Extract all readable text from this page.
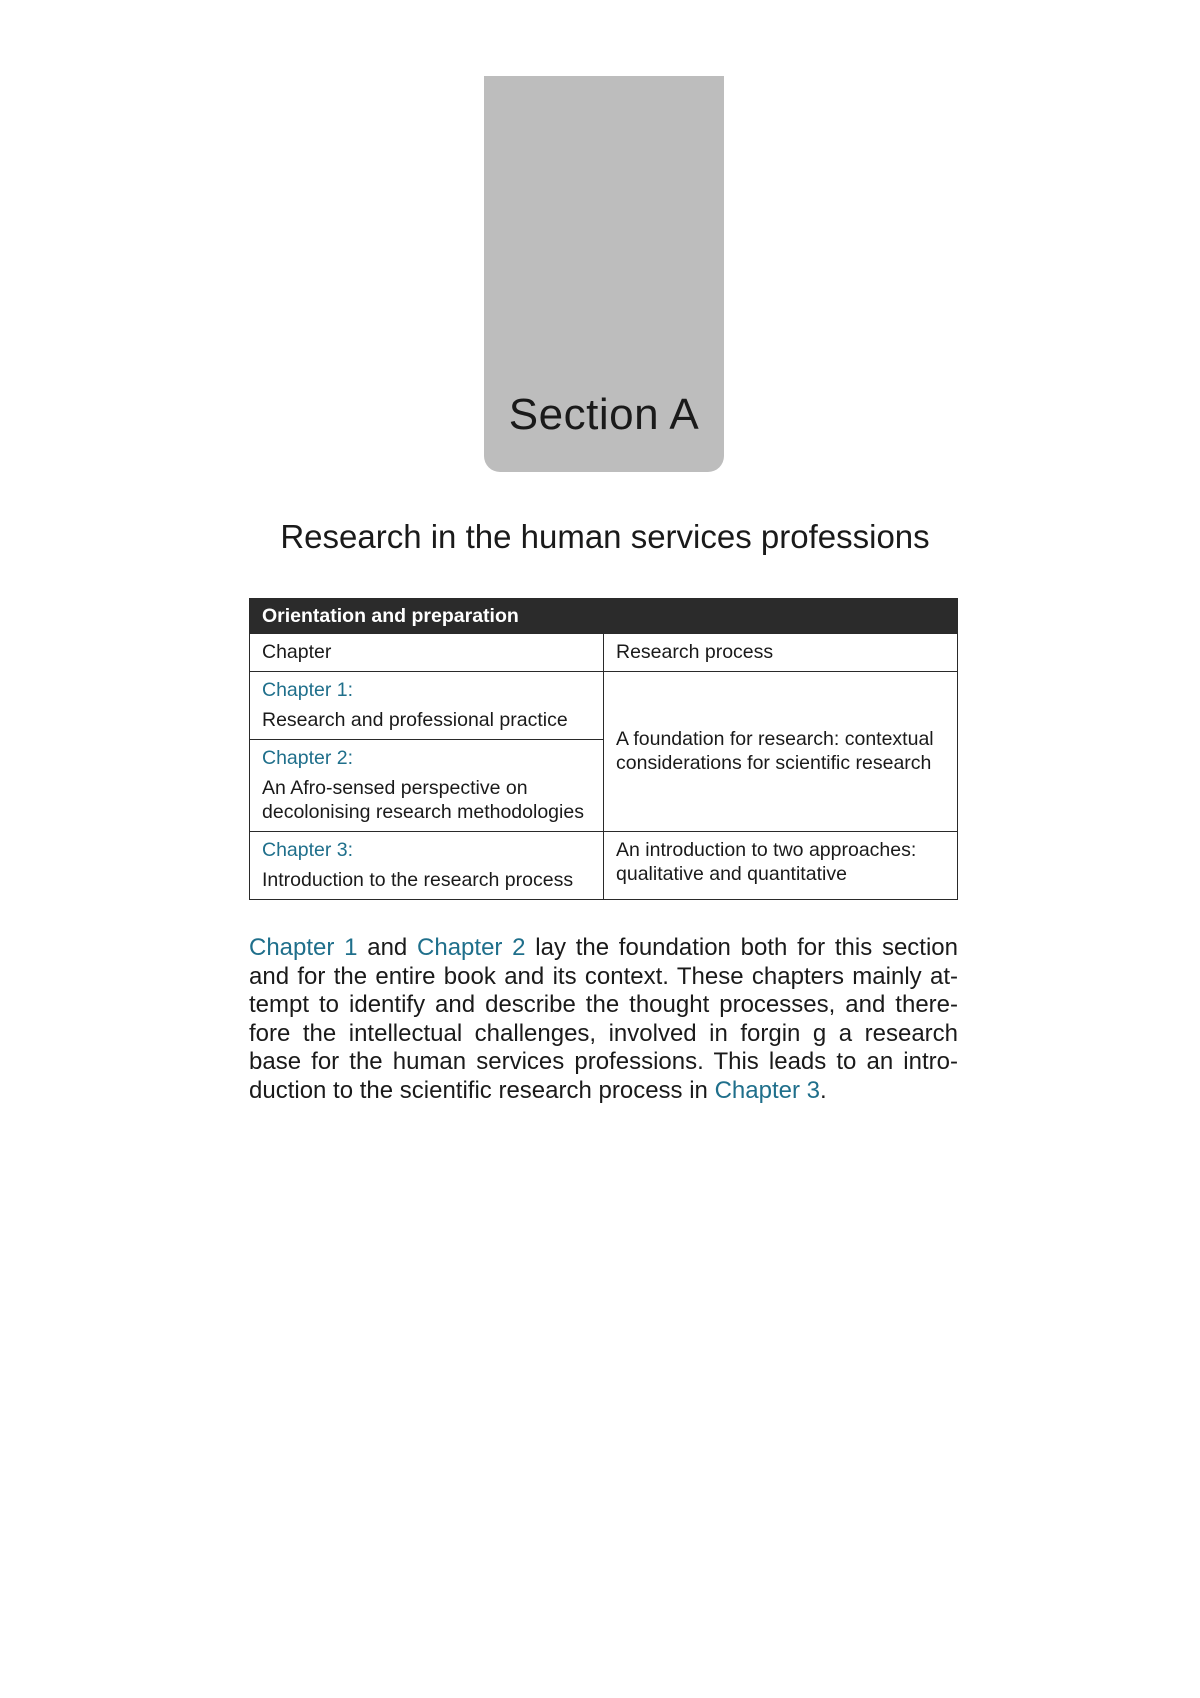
Section A
Research in the human services professions
Orientation and preparation	
Chapter	Research process

Chapter 1:
Research and professional practice	A foundation for research: contextual considerations for scientific research

Chapter 2:
An Afro-sensed perspective on decolonising research methodologies	

Chapter 3:
Introduction to the research process	An introduction to two approaches: qualitative and quantitative

Chapter 1 and Chapter 2 lay the foundation both for this section and for the entire book and its context. These chapters mainly at-tempt to identify and describe the thought processes, and there-fore the intellectual challenges, involved in forgin g a research base for the human services professions. This leads to an intro-duction to the scientific research process in Chapter 3.
